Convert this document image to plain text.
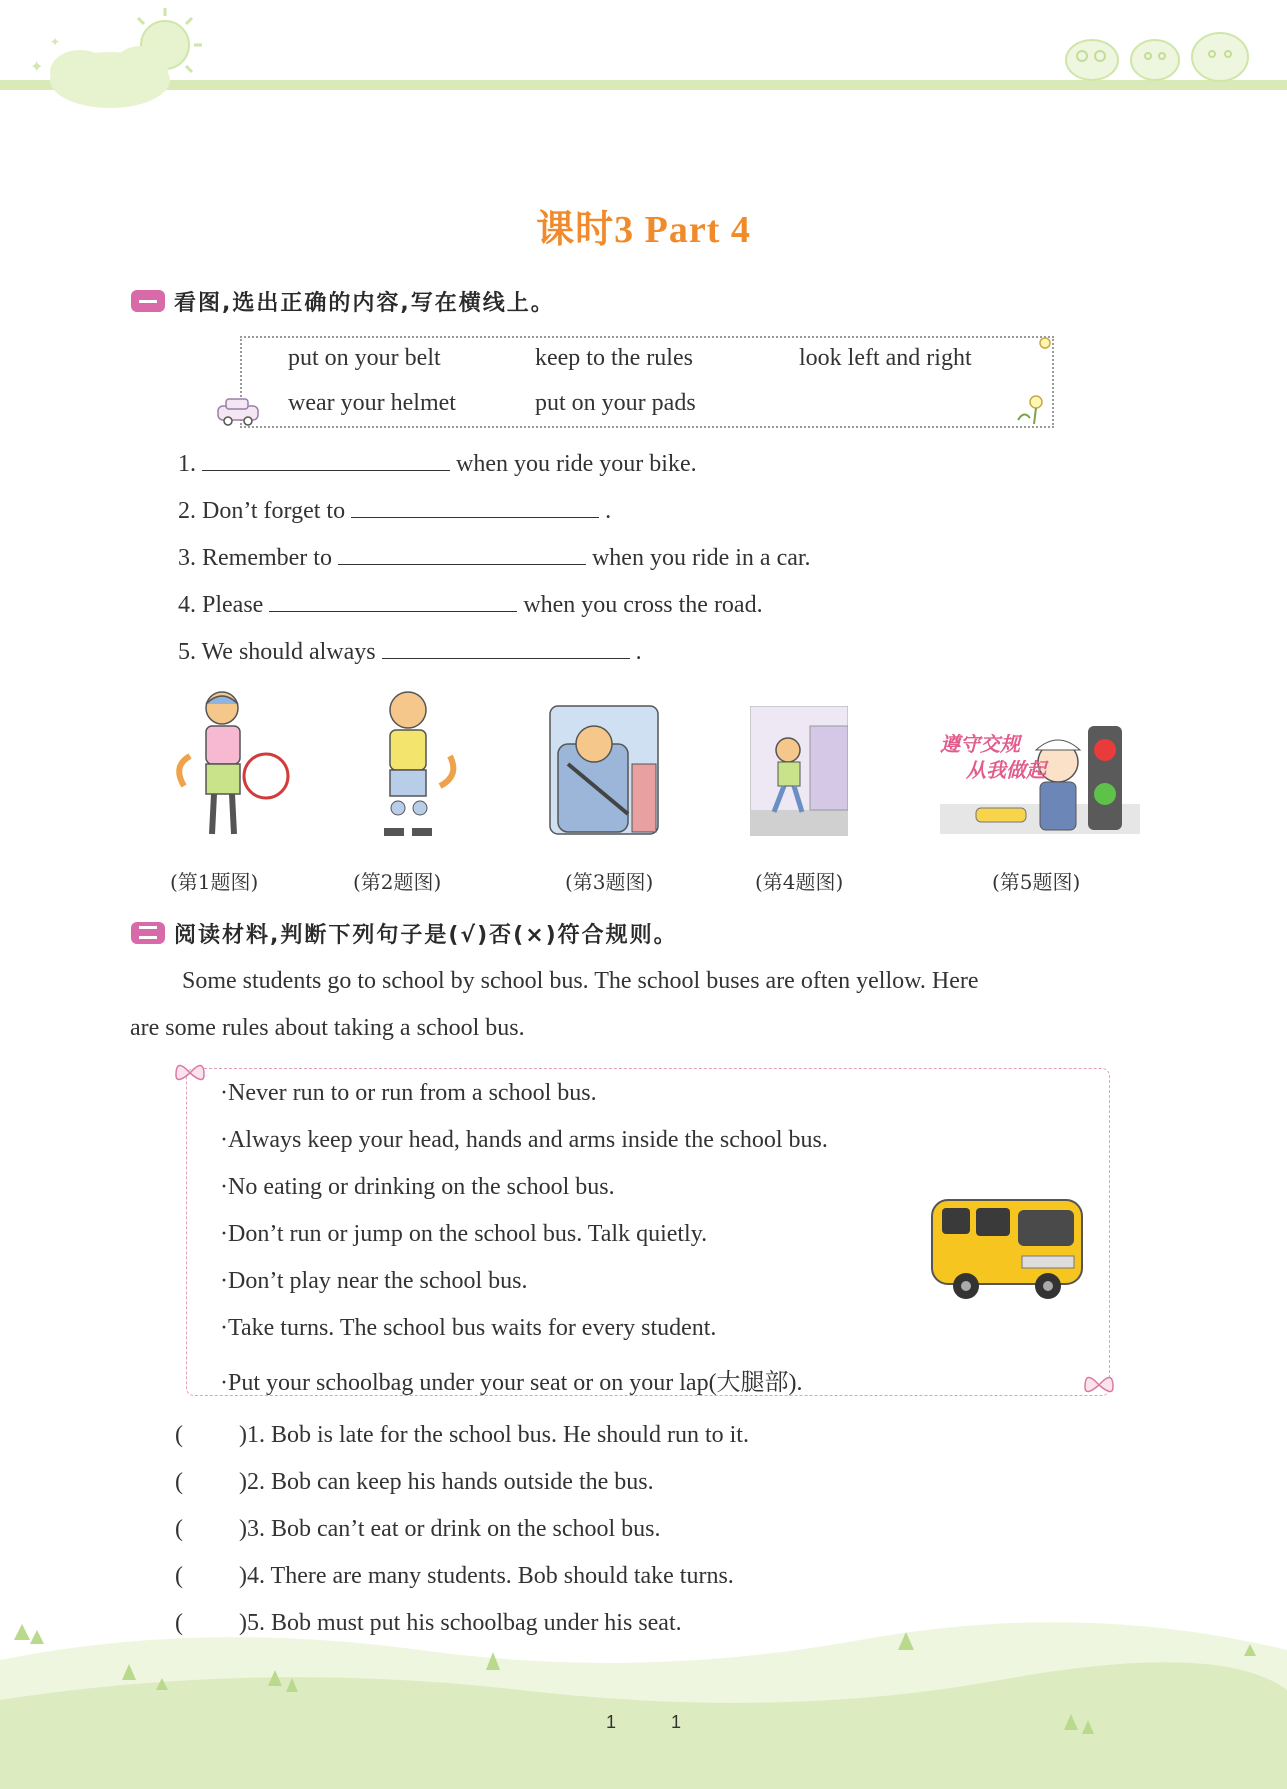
✦
✦
课时3 Part 4
看图,选出正确的内容,写在横线上。
put on your belt	keep to the rules	look left and right
wear your helmet	put on your pads
1.	when you ride your bike.
2. Don’t forget to	.
3. Remember to	when you ride in a car.
4. Please	when you cross the road.
5. We should always	.
遵守交规
从我做起
(第1题图)	(第2题图)	(第3题图)	(第4题图)	(第5题图)
阅读材料,判断下列句子是(√)否(×)符合规则。
Some students go to school by school bus. The school buses are often yellow. Here
are some rules about taking a school bus.
·Never run to or run from a school bus.
·Always keep your head, hands and arms inside the school bus.
·No eating or drinking on the school bus.
·Don’t run or jump on the school bus. Talk quietly.
·Don’t play near the school bus.
·Take turns. The school bus waits for every student.
·Put your schoolbag under your seat or on your lap(大腿部).
( )1. Bob is late for the school bus. He should run to it.
( )2. Bob can keep his hands outside the bus.
( )3. Bob can’t eat or drink on the school bus.
( )4. There are many students. Bob should take turns.
( )5. Bob must put his schoolbag under his seat.
1 1
